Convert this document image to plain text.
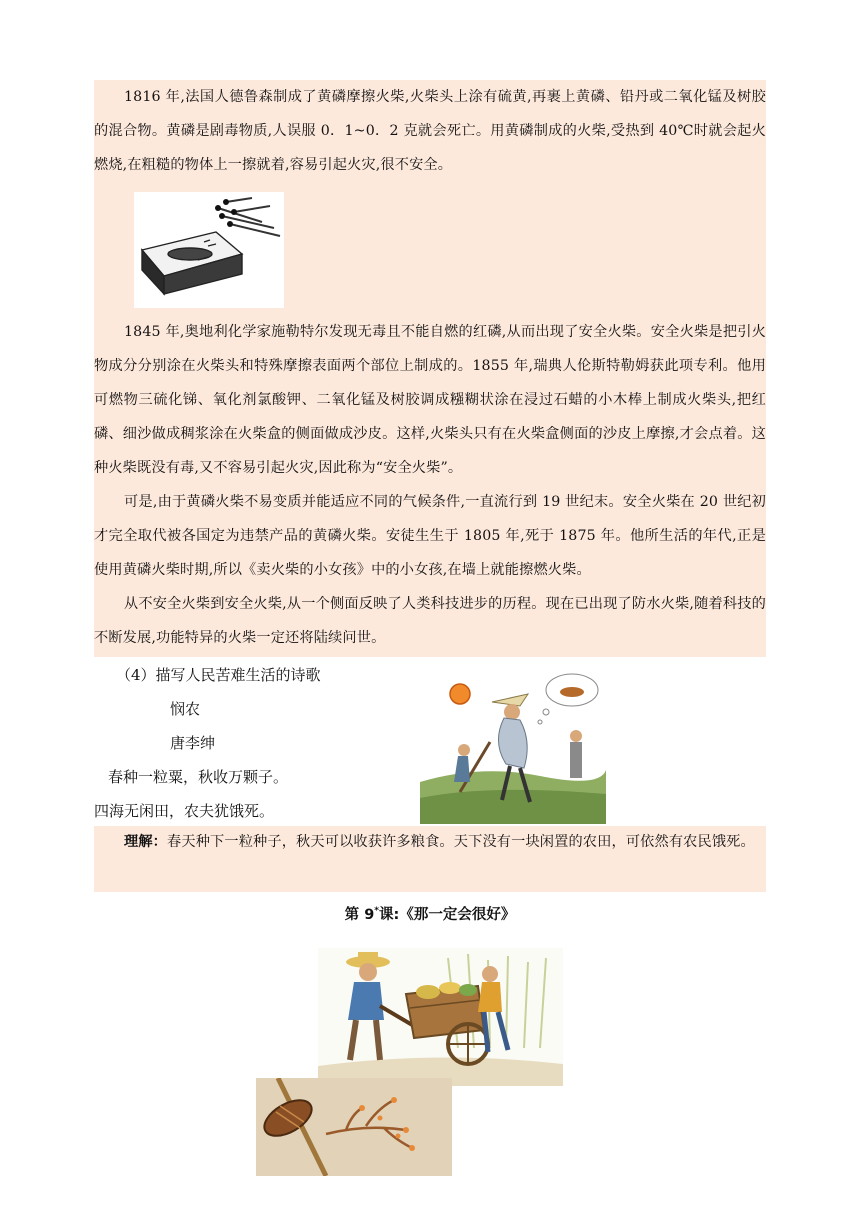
1816 年,法国人德鲁森制成了黄磷摩擦火柴,火柴头上涂有硫黄,再裹上黄磷、铅丹或二氧化锰及树胶的混合物。黄磷是剧毒物质,人误服 0．1~0．2 克就会死亡。用黄磷制成的火柴,受热到 40℃时就会起火燃烧,在粗糙的物体上一擦就着,容易引起火灾,很不安全。

1845 年,奥地利化学家施勒特尔发现无毒且不能自燃的红磷,从而出现了安全火柴。安全火柴是把引火物成分分别涂在火柴头和特殊摩擦表面两个部位上制成的。1855 年,瑞典人伦斯特勒姆获此项专利。他用可燃物三硫化锑、氧化剂氯酸钾、二氧化锰及树胶调成糨糊状涂在浸过石蜡的小木棒上制成火柴头,把红磷、细沙做成稠浆涂在火柴盒的侧面做成沙皮。这样,火柴头只有在火柴盒侧面的沙皮上摩擦,才会点着。这种火柴既没有毒,又不容易引起火灾,因此称为“安全火柴”。

可是,由于黄磷火柴不易变质并能适应不同的气候条件,一直流行到 19 世纪末。安全火柴在 20 世纪初才完全取代被各国定为违禁产品的黄磷火柴。安徒生生于 1805 年,死于 1875 年。他所生活的年代,正是使用黄磷火柴时期,所以《卖火柴的小女孩》中的小女孩,在墙上就能擦燃火柴。

从不安全火柴到安全火柴,从一个侧面反映了人类科技进步的历程。现在已出现了防水火柴,随着科技的不断发展,功能特异的火柴一定还将陆续问世。

（4）描写人民苦难生活的诗歌
悯农
唐李绅
春种一粒粟，秋收万颗子。
四海无闲田，农夫犹饿死。

理解：春天种下一粒种子，秋天可以收获许多粮食。天下没有一块闲置的农田，可依然有农民饿死。

第 9*课:《那一定会很好》
